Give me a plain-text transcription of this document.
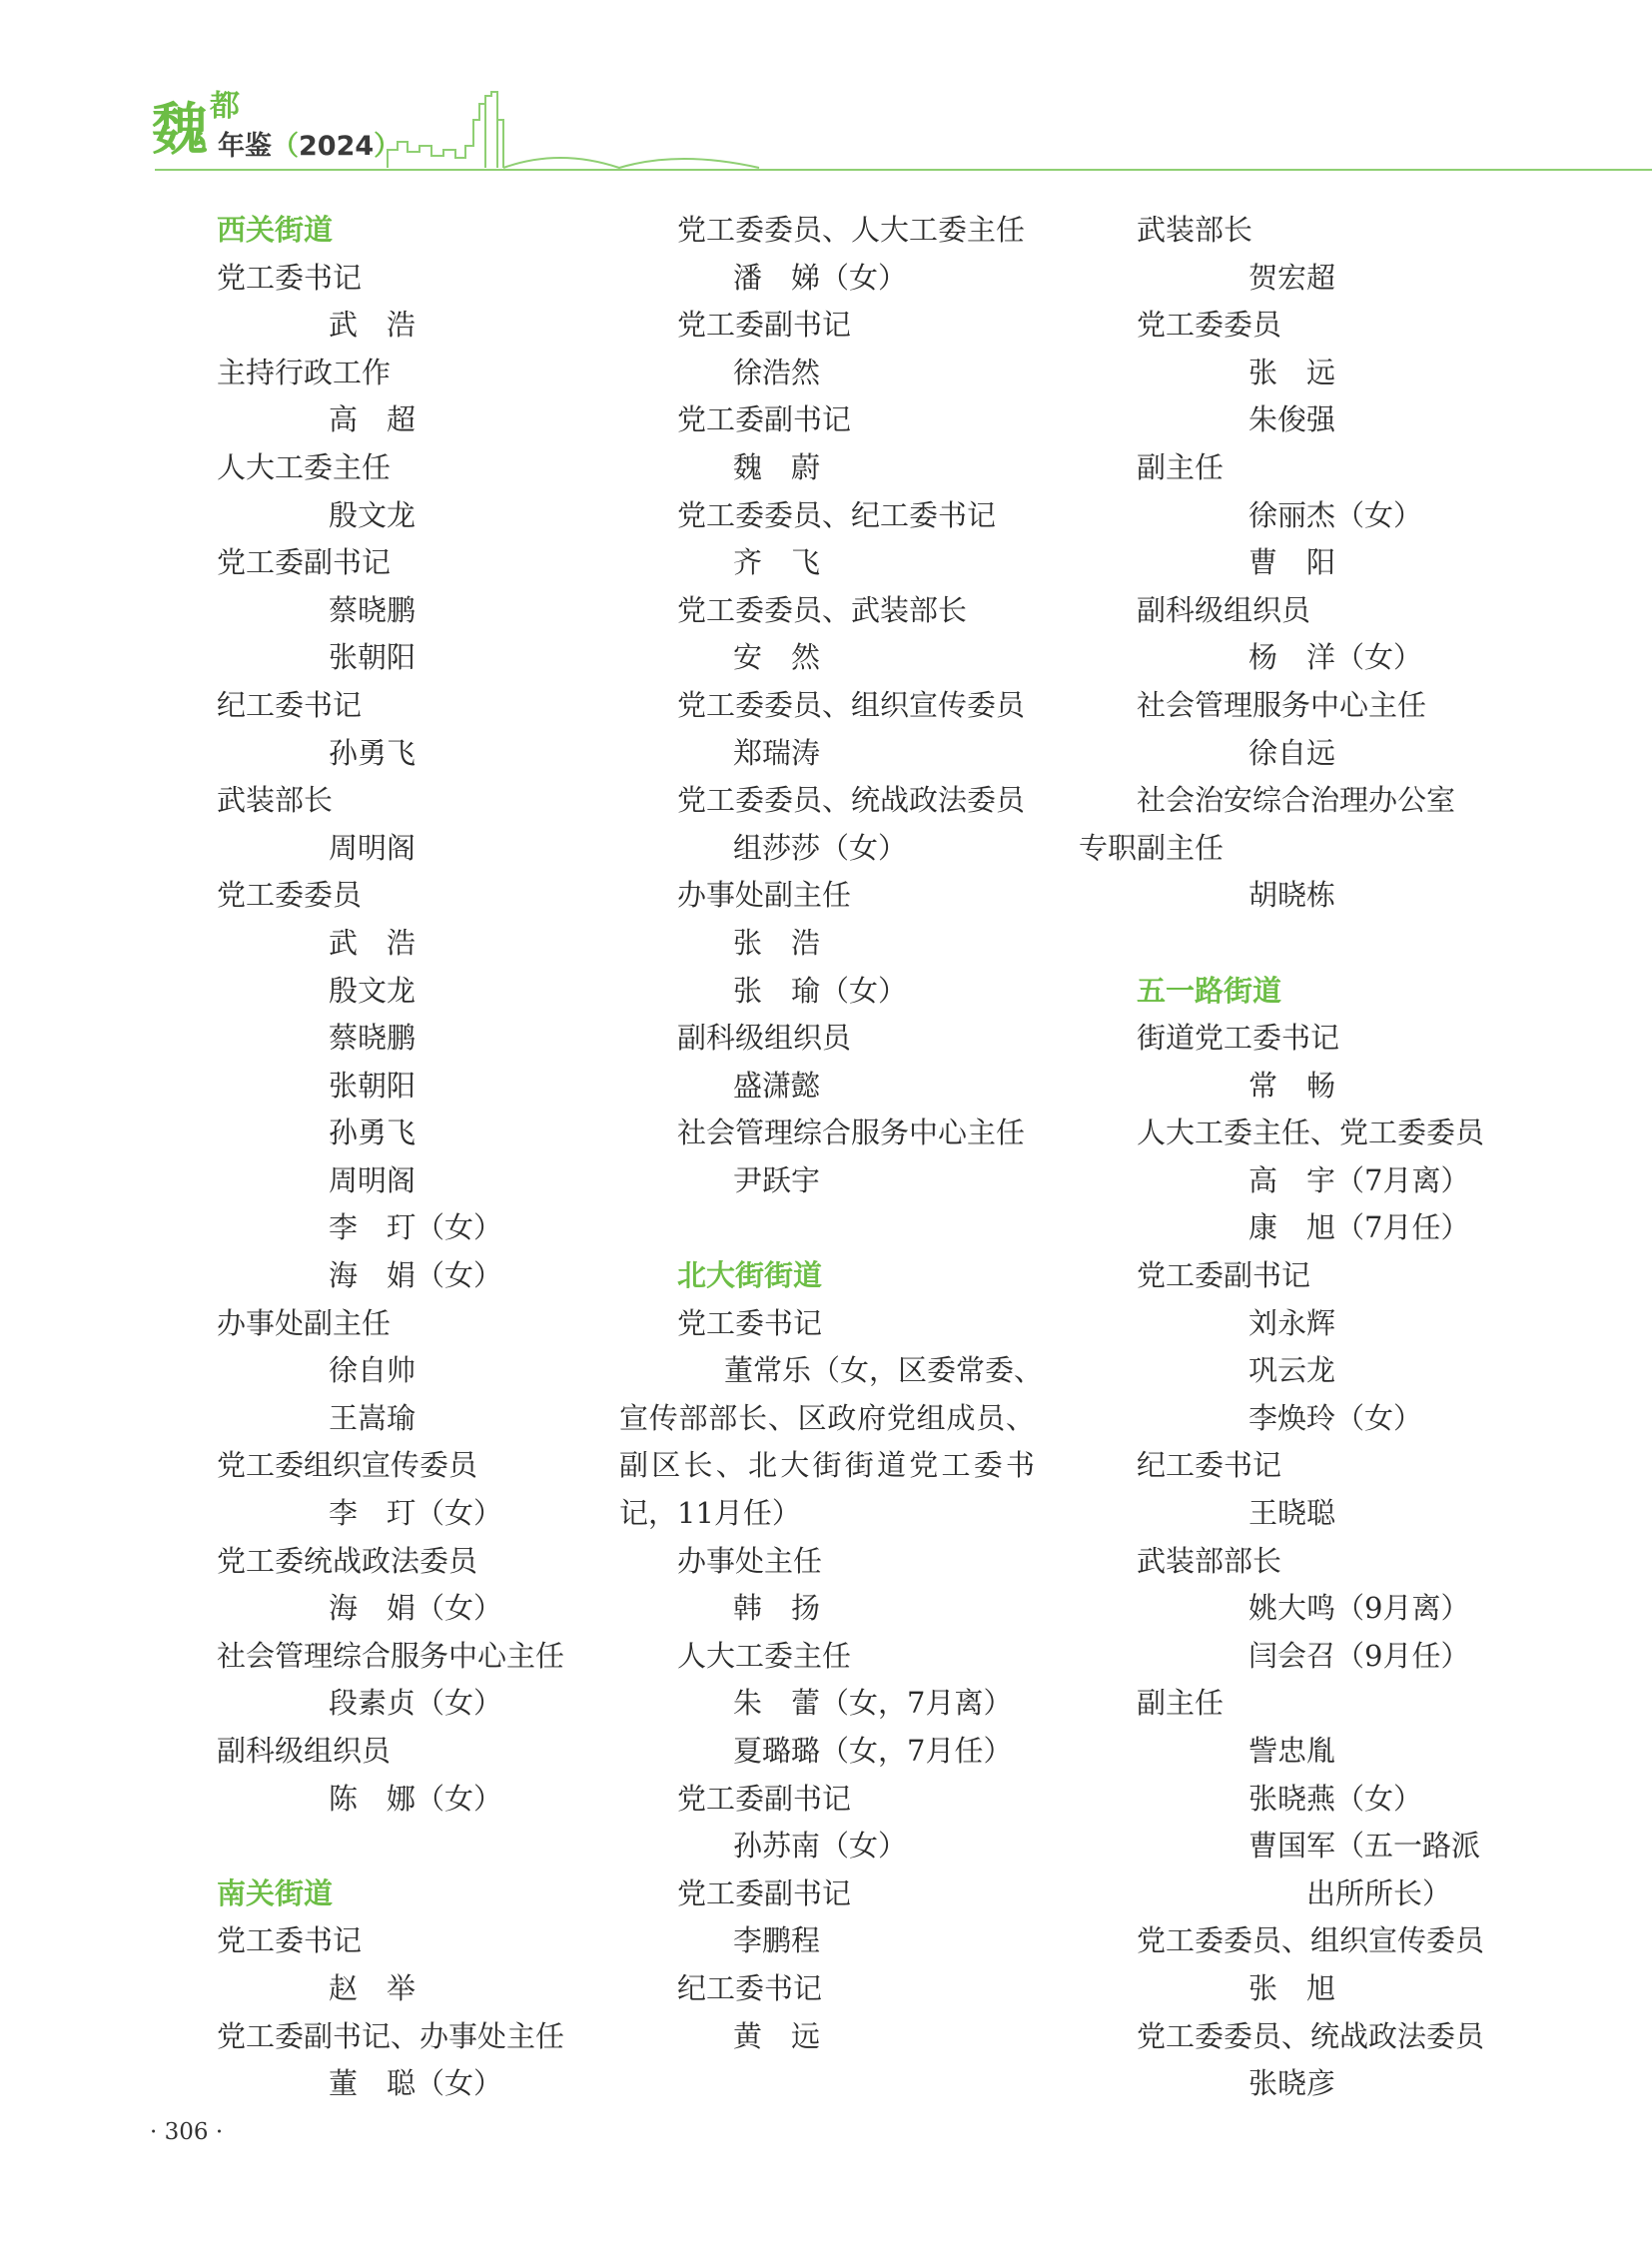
魏 都
年鉴（2024）
西关街道
党工委书记
武　浩
主持行政工作
高　超
人大工委主任
殷文龙
党工委副书记
蔡晓鹏
张朝阳
纪工委书记
孙勇飞
武装部长
周明阁
党工委委员
武　浩
殷文龙
蔡晓鹏
张朝阳
孙勇飞
周明阁
李　玎（女）
海　娟（女）
办事处副主任
徐自帅
王嵩瑜
党工委组织宣传委员
李　玎（女）
党工委统战政法委员
海　娟（女）
社会管理综合服务中心主任
段素贞（女）
副科级组织员
陈　娜（女）
南关街道
党工委书记
赵　举
党工委副书记、办事处主任
董　聪（女）
党工委委员、人大工委主任
潘　娣（女）
党工委副书记
徐浩然
党工委副书记
魏　蔚
党工委委员、纪工委书记
齐　飞
党工委委员、武装部长
安　然
党工委委员、组织宣传委员
郑瑞涛
党工委委员、统战政法委员
组莎莎（女）
办事处副主任
张　浩
张　瑜（女）
副科级组织员
盛潇懿
社会管理综合服务中心主任
尹跃宇
北大街街道
党工委书记
董常乐（女，区委常委、
宣传部部长、区政府党组成员、
副区长、北大街街道党工委书
记，11月任）
办事处主任
韩　扬
人大工委主任
朱　蕾（女，7月离）
夏璐璐（女，7月任）
党工委副书记
孙苏南（女）
党工委副书记
李鹏程
纪工委书记
黄　远
武装部长
贺宏超
党工委委员
张　远
朱俊强
副主任
徐丽杰（女）
曹　阳
副科级组织员
杨　洋（女）
社会管理服务中心主任
徐自远
社会治安综合治理办公室
专职副主任
胡晓栋
五一路街道
街道党工委书记
常　畅
人大工委主任、党工委委员
高　宇（7月离）
康　旭（7月任）
党工委副书记
刘永辉
巩云龙
李焕玲（女）
纪工委书记
王晓聪
武装部部长
姚大鸣（9月离）
闫会召（9月任）
副主任
訾忠胤
张晓燕（女）
曹国军（五一路派
出所所长）
党工委委员、组织宣传委员
张　旭
党工委委员、统战政法委员
张晓彦
· 306 ·
